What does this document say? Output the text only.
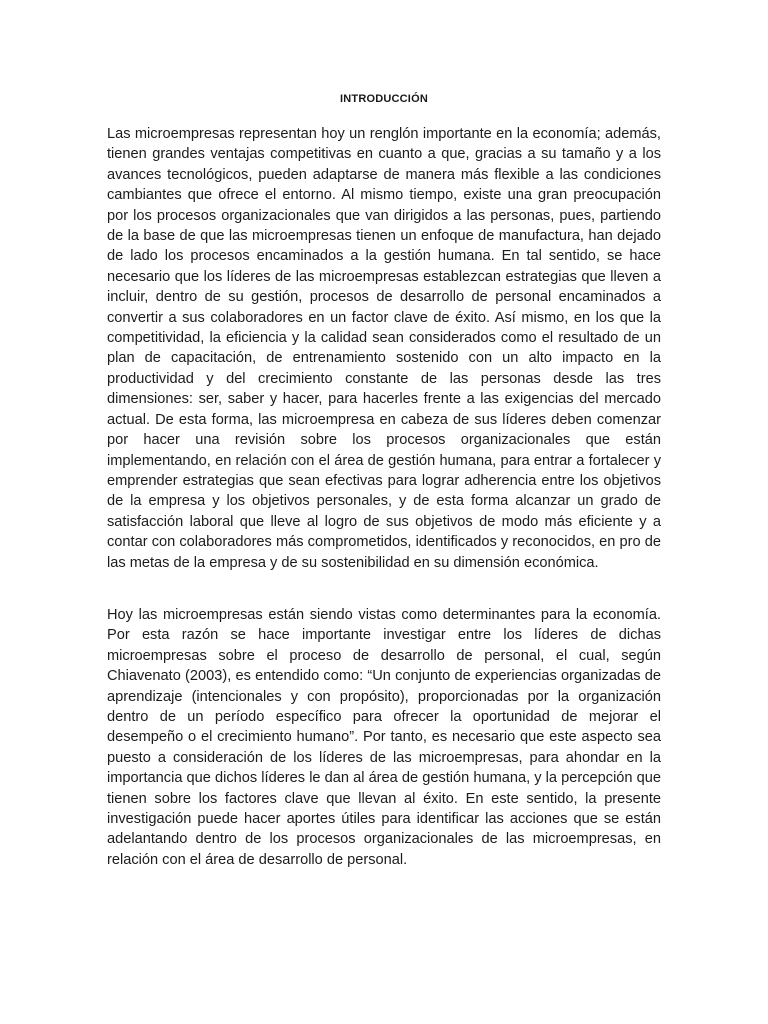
INTRODUCCIÓN

Las microempresas representan hoy un renglón importante en la economía; además, tienen grandes ventajas competitivas en cuanto a que, gracias a su tamaño y a los avances tecnológicos, pueden adaptarse de manera más flexible a las condiciones cambiantes que ofrece el entorno. Al mismo tiempo, existe una gran preocupación por los procesos organizacionales que van dirigidos a las personas, pues, partiendo de la base de que las microempresas tienen un enfoque de manufactura, han dejado de lado los procesos encaminados a la gestión humana. En tal sentido, se hace necesario que los líderes de las microempresas establezcan estrategias que lleven a incluir, dentro de su gestión, procesos de desarrollo de personal encaminados a convertir a sus colaboradores en un factor clave de éxito. Así mismo, en los que la competitividad, la eficiencia y la calidad sean considerados como el resultado de un plan de capacitación, de entrenamiento sostenido con un alto impacto en la productividad y del crecimiento constante de las personas desde las tres dimensiones: ser, saber y hacer, para hacerles frente a las exigencias del mercado actual. De esta forma, las microempresa en cabeza de sus líderes deben comenzar por hacer una revisión sobre los procesos organizacionales que están implementando, en relación con el área de gestión humana, para entrar a fortalecer y emprender estrategias que sean efectivas para lograr adherencia entre los objetivos de la empresa y los objetivos personales, y de esta forma alcanzar un grado de satisfacción laboral que lleve al logro de sus objetivos de modo más eficiente y a contar con colaboradores más comprometidos, identificados y reconocidos, en pro de las metas de la empresa y de su sostenibilidad en su dimensión económica.

Hoy las microempresas están siendo vistas como determinantes para la economía. Por esta razón se hace importante investigar entre los líderes de dichas microempresas sobre el proceso de desarrollo de personal, el cual, según Chiavenato (2003), es entendido como: “Un conjunto de experiencias organizadas de aprendizaje (intencionales y con propósito), proporcionadas por la organización dentro de un período específico para ofrecer la oportunidad de mejorar el desempeño o el crecimiento humano”. Por tanto, es necesario que este aspecto sea puesto a consideración de los líderes de las microempresas, para ahondar en la importancia que dichos líderes le dan al área de gestión humana, y la percepción que tienen sobre los factores clave que llevan al éxito. En este sentido, la presente investigación puede hacer aportes útiles para identificar las acciones que se están adelantando dentro de los procesos organizacionales de las microempresas, en relación con el área de desarrollo de personal.
